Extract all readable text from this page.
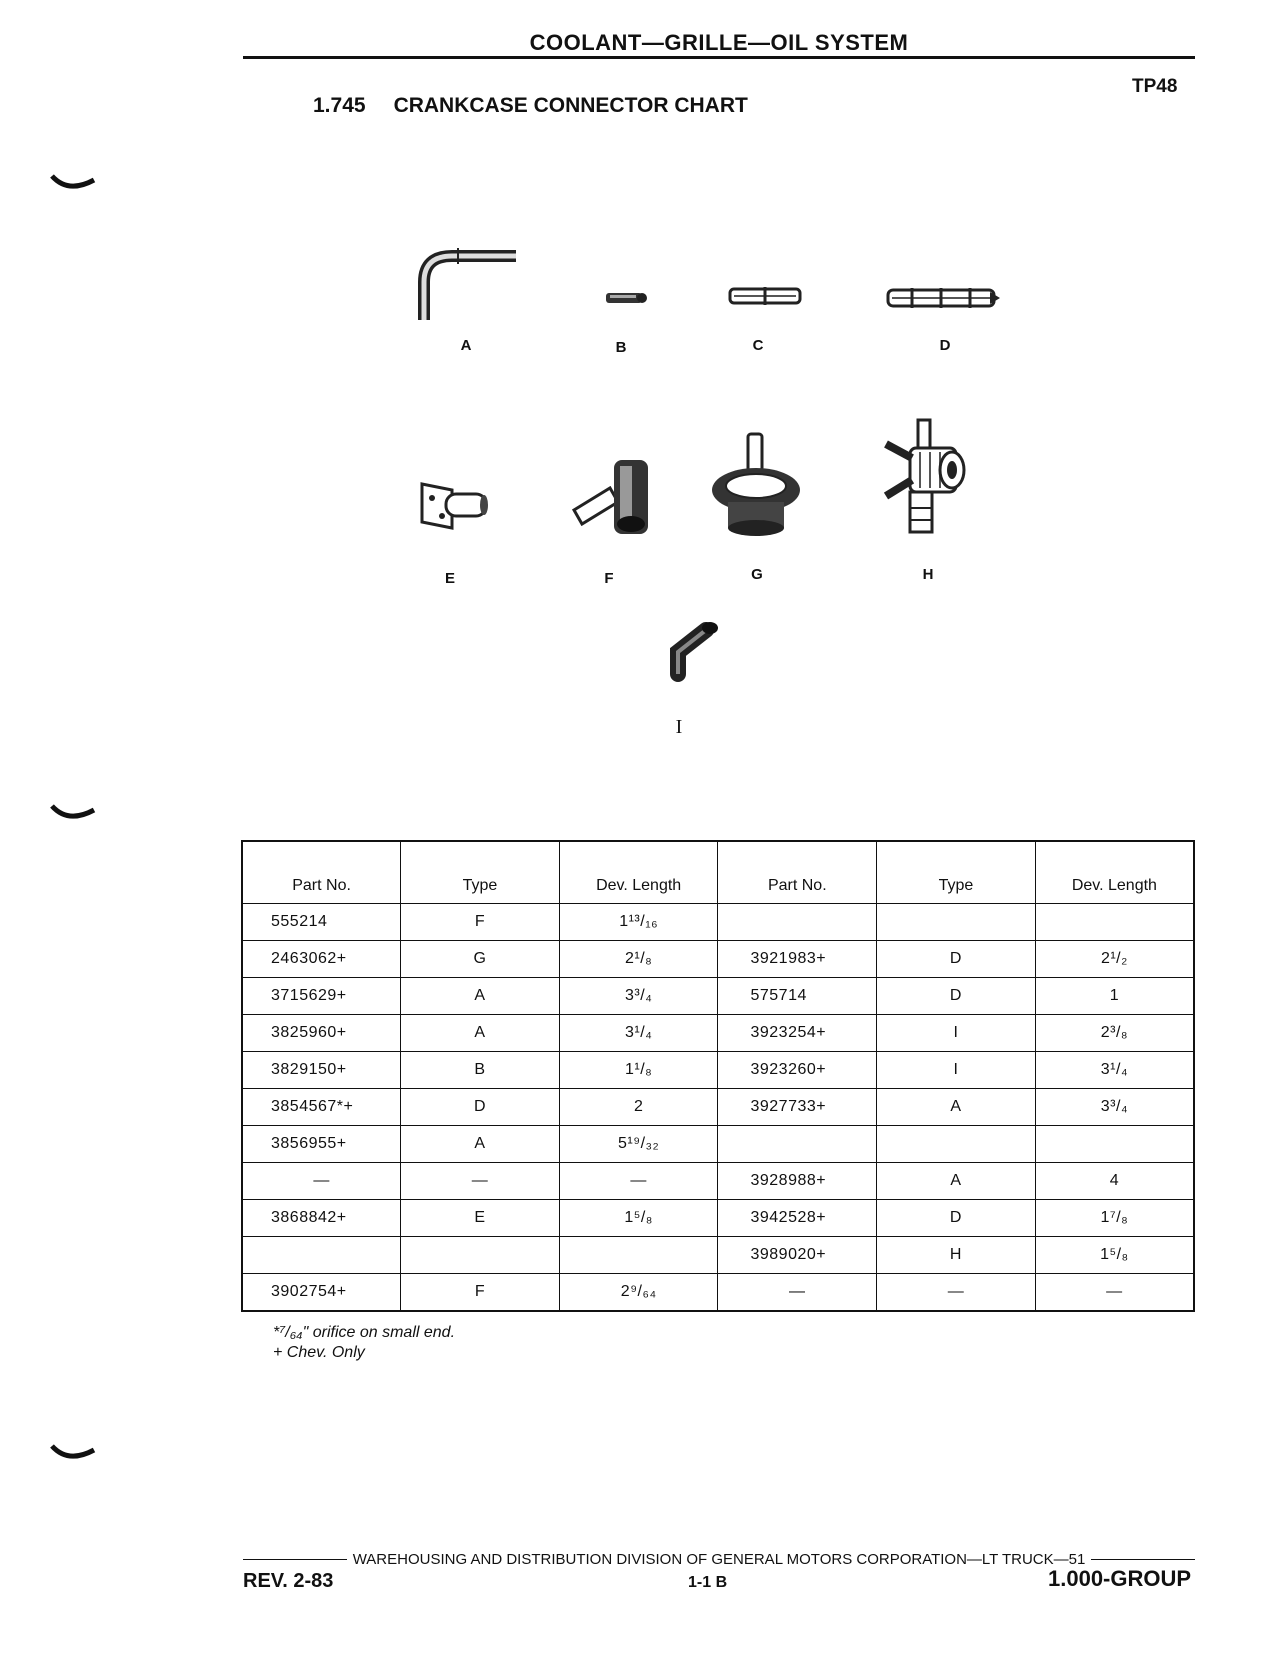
COOLANT—GRILLE—OIL SYSTEM
TP48
1.745 CRANKCASE CONNECTOR CHART
A	B	C	D
E	F	G	H
I
Part No.	Type	Dev. Length	Part No.	Type	Dev. Length
555214	F	1¹³/₁₆			
2463062+	G	2¹/₈	3921983+	D	2¹/₂
3715629+	A	3³/₄	575714	D	1
3825960+	A	3¹/₄	3923254+	I	2³/₈
3829150+	B	1¹/₈	3923260+	I	3¹/₄
3854567*+	D	2	3927733+	A	3³/₄
3856955+	A	5¹⁹/₃₂			
—	—	—	3928988+	A	4
3868842+	E	1⁵/₈	3942528+	D	1⁷/₈
			3989020+	H	1⁵/₈
3902754+	F	2⁹/₆₄	—	—	—
*⁷/₆₄" orifice on small end.
+ Chev. Only
WAREHOUSING AND DISTRIBUTION DIVISION OF GENERAL MOTORS CORPORATION—LT TRUCK—51
REV. 2-83	1-1 B	1.000-GROUP
